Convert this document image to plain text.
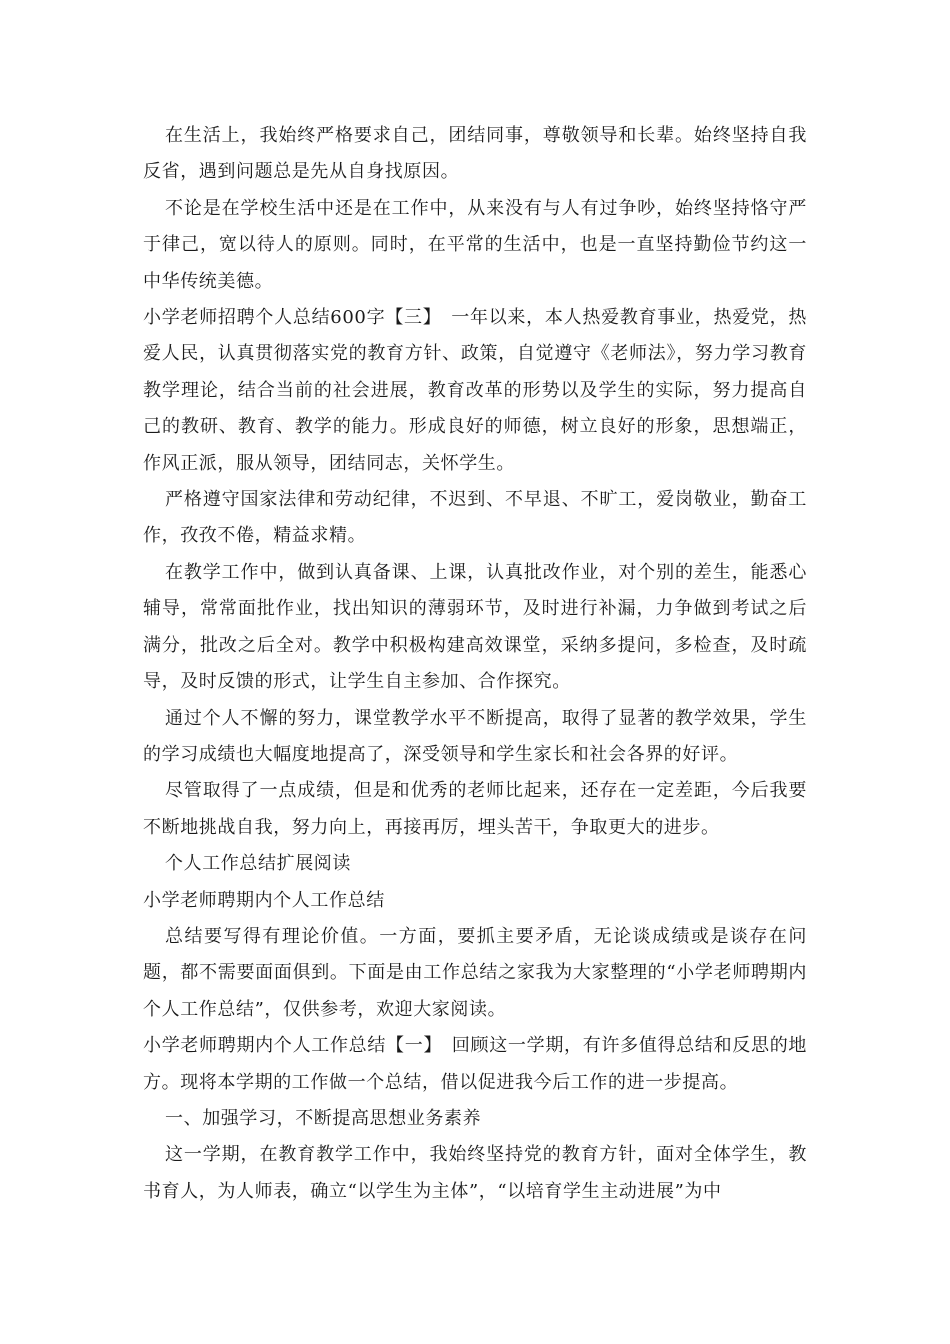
在生活上，我始终严格要求自己，团结同事，尊敬领导和长辈。始终坚持自我反省，遇到问题总是先从自身找原因。

不论是在学校生活中还是在工作中，从来没有与人有过争吵，始终坚持恪守严于律己，宽以待人的原则。同时，在平常的生活中，也是一直坚持勤俭节约这一中华传统美德。

小学老师招聘个人总结600字【三】　一年以来，本人热爱教育事业，热爱党，热爱人民，认真贯彻落实党的教育方针、政策，自觉遵守《老师法》，努力学习教育教学理论，结合当前的社会进展，教育改革的形势以及学生的实际，努力提高自己的教研、教育、教学的能力。形成良好的师德，树立良好的形象，思想端正，作风正派，服从领导，团结同志，关怀学生。

严格遵守国家法律和劳动纪律，不迟到、不早退、不旷工，爱岗敬业，勤奋工作，孜孜不倦，精益求精。

在教学工作中，做到认真备课、上课，认真批改作业，对个别的差生，能悉心辅导，常常面批作业，找出知识的薄弱环节，及时进行补漏，力争做到考试之后满分，批改之后全对。教学中积极构建高效课堂，采纳多提问，多检查，及时疏导，及时反馈的形式，让学生自主参加、合作探究。

通过个人不懈的努力，课堂教学水平不断提高，取得了显著的教学效果，学生的学习成绩也大幅度地提高了，深受领导和学生家长和社会各界的好评。

尽管取得了一点成绩，但是和优秀的老师比起来，还存在一定差距，今后我要不断地挑战自我，努力向上，再接再厉，埋头苦干，争取更大的进步。

个人工作总结扩展阅读

小学老师聘期内个人工作总结

总结要写得有理论价值。一方面，要抓主要矛盾，无论谈成绩或是谈存在问题，都不需要面面俱到。下面是由工作总结之家我为大家整理的“小学老师聘期内个人工作总结”，仅供参考，欢迎大家阅读。

小学老师聘期内个人工作总结【一】　回顾这一学期，有许多值得总结和反思的地方。现将本学期的工作做一个总结，借以促进我今后工作的进一步提高。

一、加强学习，不断提高思想业务素养

这一学期，在教育教学工作中，我始终坚持党的教育方针，面对全体学生，教书育人，为人师表，确立“以学生为主体”，“以培育学生主动进展”为中
